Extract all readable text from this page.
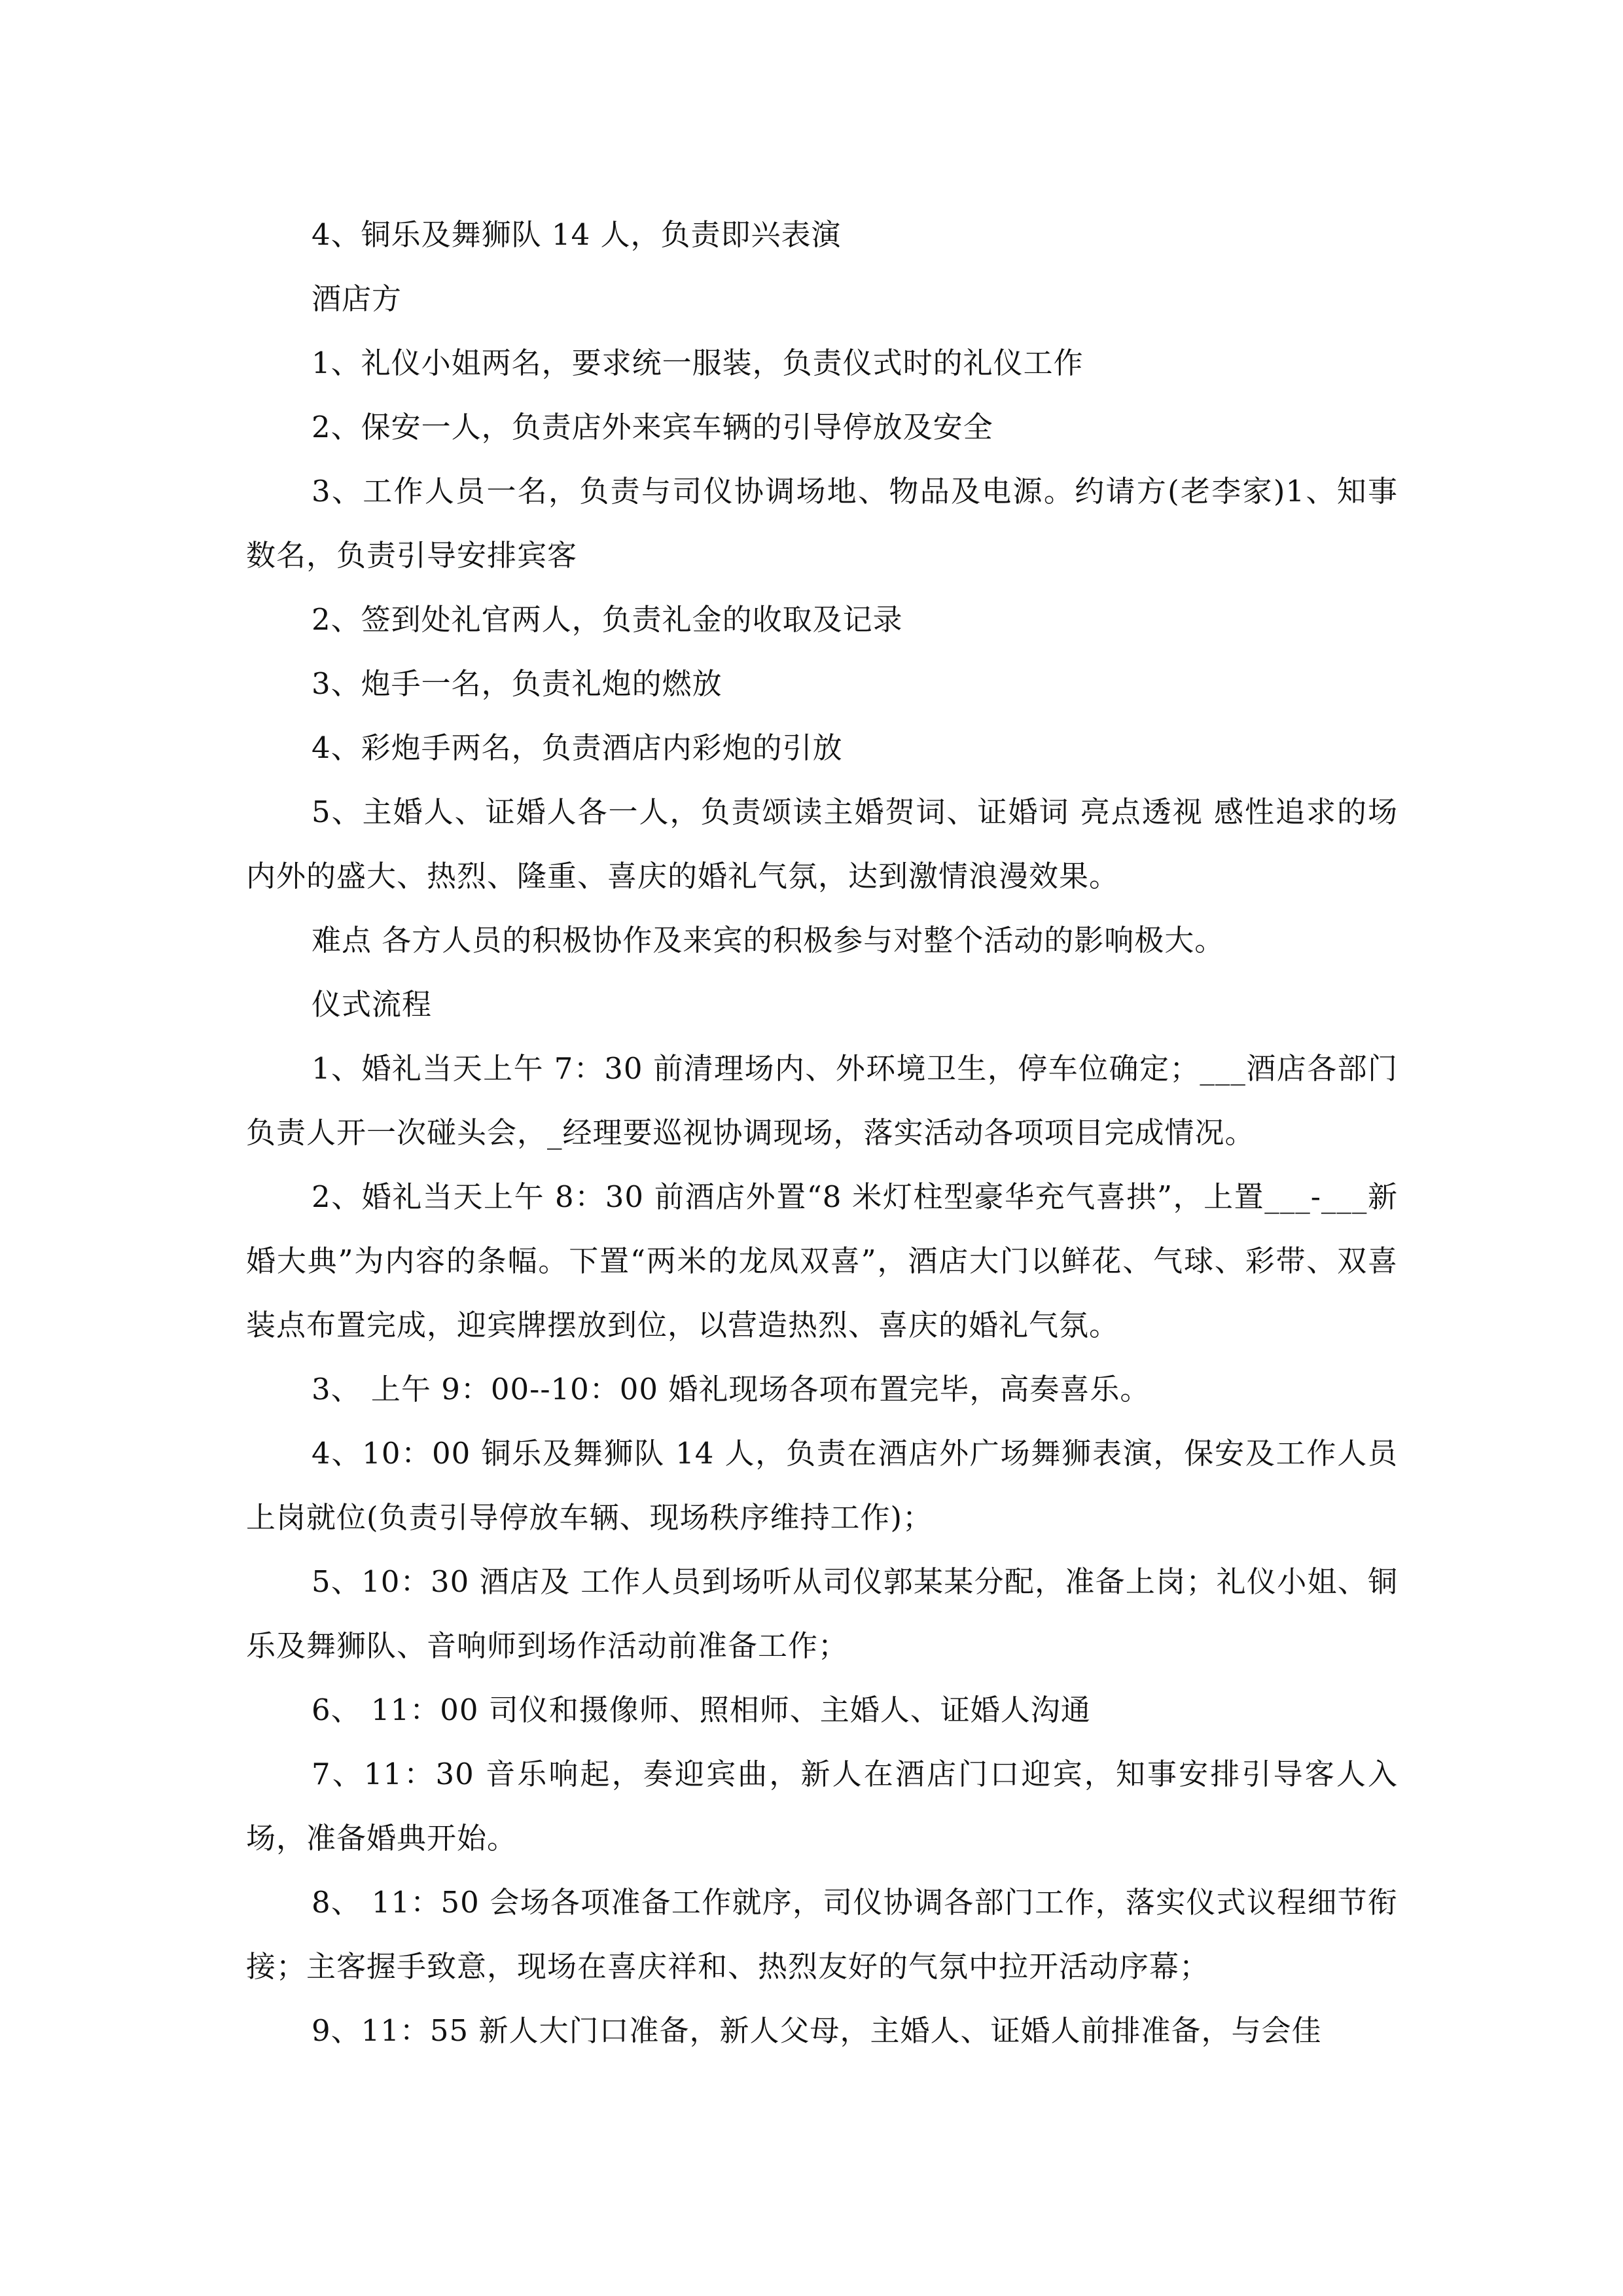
4、铜乐及舞狮队 14 人，负责即兴表演

酒店方

1、礼仪小姐两名，要求统一服装，负责仪式时的礼仪工作

2、保安一人，负责店外来宾车辆的引导停放及安全

3、工作人员一名，负责与司仪协调场地、物品及电源。约请方(老李家)1、知事数名，负责引导安排宾客

2、签到处礼官两人，负责礼金的收取及记录

3、炮手一名，负责礼炮的燃放

4、彩炮手两名，负责酒店内彩炮的引放

5、主婚人、证婚人各一人，负责颂读主婚贺词、证婚词 亮点透视 感性追求的场内外的盛大、热烈、隆重、喜庆的婚礼气氛，达到激情浪漫效果。

难点 各方人员的积极协作及来宾的积极参与对整个活动的影响极大。

仪式流程

1、婚礼当天上午 7：30 前清理场内、外环境卫生，停车位确定；___酒店各部门负责人开一次碰头会，_经理要巡视协调现场，落实活动各项项目完成情况。

2、婚礼当天上午 8：30 前酒店外置“8 米灯柱型豪华充气喜拱”，上置___-___新婚大典”为内容的条幅。下置“两米的龙凤双喜”，酒店大门以鲜花、气球、彩带、双喜装点布置完成，迎宾牌摆放到位，以营造热烈、喜庆的婚礼气氛。

3、 上午 9：00--10：00 婚礼现场各项布置完毕，高奏喜乐。

4、10：00 铜乐及舞狮队 14 人，负责在酒店外广场舞狮表演，保安及工作人员上岗就位(负责引导停放车辆、现场秩序维持工作)；

5、10：30 酒店及 工作人员到场听从司仪郭某某分配，准备上岗；礼仪小姐、铜乐及舞狮队、音响师到场作活动前准备工作；

6、 11：00 司仪和摄像师、照相师、主婚人、证婚人沟通

7、11：30 音乐响起，奏迎宾曲，新人在酒店门口迎宾，知事安排引导客人入场，准备婚典开始。

8、 11：50 会场各项准备工作就序，司仪协调各部门工作，落实仪式议程细节衔接；主客握手致意，现场在喜庆祥和、热烈友好的气氛中拉开活动序幕；

9、11：55 新人大门口准备，新人父母，主婚人、证婚人前排准备，与会佳
